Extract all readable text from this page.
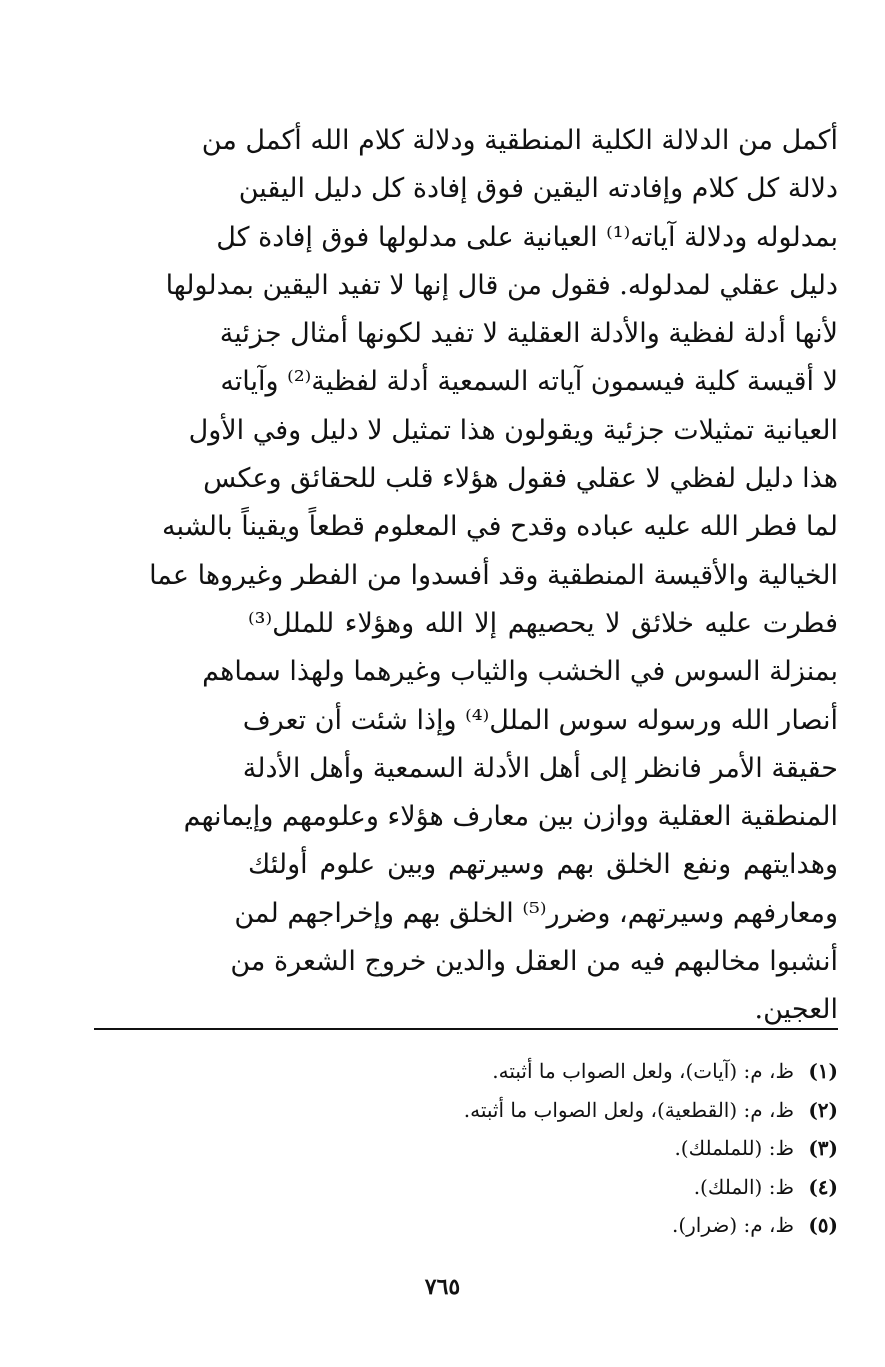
أكمل من الدلالة الكلية المنطقية ودلالة كلام الله أكمل من
دلالة كل كلام وإفادته اليقين فوق إفادة كل دليل اليقين
بمدلوله ودلالة آياته⁽¹⁾ العيانية على مدلولها فوق إفادة كل
دليل عقلي لمدلوله. فقول من قال إنها لا تفيد اليقين بمدلولها
لأنها أدلة لفظية والأدلة العقلية لا تفيد لكونها أمثال جزئية
لا أقيسة كلية فيسمون آياته السمعية أدلة لفظية⁽²⁾ وآياته
العيانية تمثيلات جزئية ويقولون هذا تمثيل لا دليل وفي الأول
هذا دليل لفظي لا عقلي فقول هؤلاء قلب للحقائق وعكس
لما فطر الله عليه عباده وقدح في المعلوم قطعاً ويقيناً بالشبه
الخيالية والأقيسة المنطقية وقد أفسدوا من الفطر وغيروها عما
فطرت عليه خلائق لا يحصيهم إلا الله وهؤلاء للملل⁽³⁾
بمنزلة السوس في الخشب والثياب وغيرهما ولهذا سماهم
أنصار الله ورسوله سوس الملل⁽⁴⁾ وإذا شئت أن تعرف
حقيقة الأمر فانظر إلى أهل الأدلة السمعية وأهل الأدلة
المنطقية العقلية ووازن بين معارف هؤلاء وعلومهم وإيمانهم
وهدايتهم ونفع الخلق بهم وسيرتهم وبين علوم أولئك
ومعارفهم وسيرتهم، وضرر⁽⁵⁾ الخلق بهم وإخراجهم لمن
أنشبوا مخالبهم فيه من العقل والدين خروج الشعرة من
العجين.
(١) ظ، م: (آيات)، ولعل الصواب ما أثبته.
(٢) ظ، م: (القطعية)، ولعل الصواب ما أثبته.
(٣) ظ: (للململك).
(٤) ظ: (الملك).
(٥) ظ، م: (ضرار).
٧٦٥
